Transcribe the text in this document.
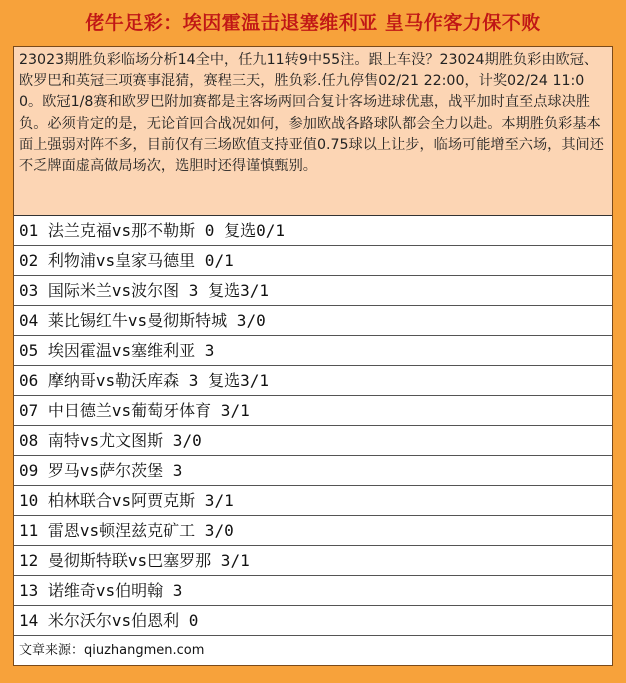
佬牛足彩：埃因霍温击退塞维利亚 皇马作客力保不败
23023期胜负彩临场分析14全中，任九11转9中55注。跟上车没？23024期胜负彩由欧冠、欧罗巴和英冠三项赛事混猜，赛程三天，胜负彩.任九停售02/21 22:00，计奖02/24 11:00。欧冠1/8赛和欧罗巴附加赛都是主客场两回合复计客场进球优惠，战平加时直至点球决胜负。必须肯定的是，无论首回合战况如何，参加欧战各路球队都会全力以赴。本期胜负彩基本面上强弱对阵不多，目前仅有三场欧值支持亚值0.75球以上让步，临场可能增至六场，其间还不乏牌面虚高做局场次，选胆时还得谨慎甄别。
01 法兰克福vs那不勒斯 0 复选0/1
02 利物浦vs皇家马德里 0/1
03 国际米兰vs波尔图 3 复选3/1
04 莱比锡红牛vs曼彻斯特城 3/0
05 埃因霍温vs塞维利亚 3
06 摩纳哥vs勒沃库森 3 复选3/1
07 中日德兰vs葡萄牙体育 3/1
08 南特vs尤文图斯 3/0
09 罗马vs萨尔茨堡 3
10 柏林联合vs阿贾克斯 3/1
11 雷恩vs顿涅兹克矿工 3/0
12 曼彻斯特联vs巴塞罗那 3/1
13 诺维奇vs伯明翰 3
14 米尔沃尔vs伯恩利 0
文章来源：qiuzhangmen.com
